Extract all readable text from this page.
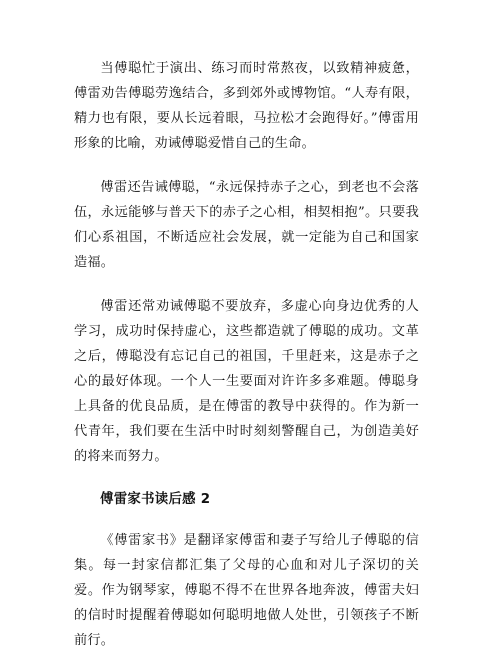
当傅聪忙于演出、练习而时常熬夜，以致精神疲惫，傅雷劝告傅聪劳逸结合，多到郊外或博物馆。“人寿有限，精力也有限，要从长远着眼，马拉松才会跑得好。”傅雷用形象的比喻，劝诫傅聪爱惜自己的生命。

傅雷还告诫傅聪，“永远保持赤子之心，到老也不会落伍，永远能够与普天下的赤子之心相，相契相抱”。只要我们心系祖国，不断适应社会发展，就一定能为自己和国家造福。

傅雷还常劝诫傅聪不要放弃，多虚心向身边优秀的人学习，成功时保持虚心，这些都造就了傅聪的成功。文革之后，傅聪没有忘记自己的祖国，千里赶来，这是赤子之心的最好体现。一个人一生要面对许许多多难题。傅聪身上具备的优良品质，是在傅雷的教导中获得的。作为新一代青年，我们要在生活中时时刻刻警醒自己，为创造美好的将来而努力。

傅雷家书读后感 2

《傅雷家书》是翻译家傅雷和妻子写给儿子傅聪的信集。每一封家信都汇集了父母的心血和对儿子深切的关爱。作为钢琴家，傅聪不得不在世界各地奔波，傅雷夫妇的信时时提醒着傅聪如何聪明地做人处世，引领孩子不断前行。
